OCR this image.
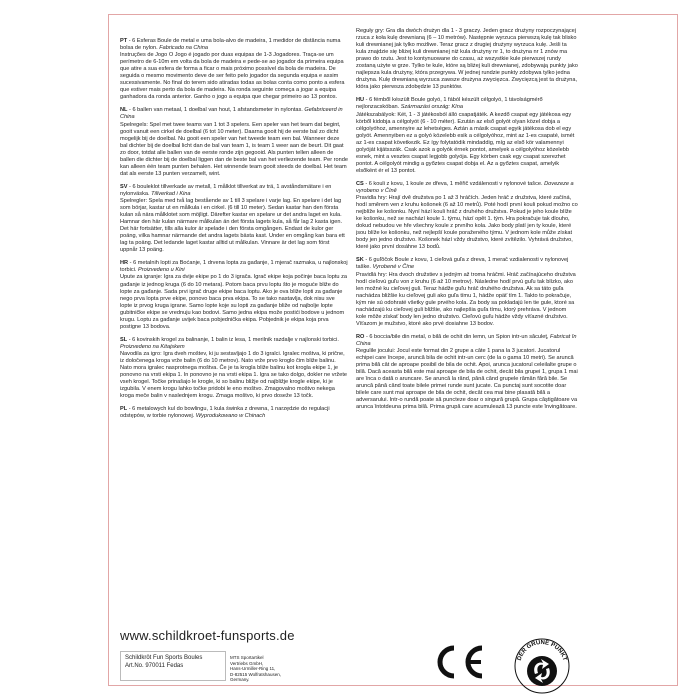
PT - 6 Esferas Boule de metal e uma bola-alvo de madeira, 1 medidor de distância numa bolsa de nylon. Fabricado na China
Instruções de Jogo O Jogo é jogado por duas equipas de 1-3 Jogadores. Traça-se um perímetro de 6-10m em volta da bola de madeira e pede-se ao jogador da primeira equipa que atire a sua esfera de forma a ficar o mais próximo possível da bola de madeira. De seguida o mesmo movimento deve de ser feito pelo jogador da segunda equipa e assim sucessivamente. No final do terem sido atiradas todas as bolas conta como ponto a esfera que estiver mais perto da bola de madeira. Na ronda seguinte começa a jogar a equipa ganhadora da ronda anterior. Ganho o jogo a equipa que chegar primeiro ao 13 pontos.
NL - 6 ballen van metaal, 1 doelbal van hout, 1 afstandsmeter in nylontas. Gefabriceerd in China
Spelregels: Spel met twee teams van 1 tot 3 spelers. Een speler van het team dat begint, gooit vanuit een cirkel de doelbal (6 tot 10 meter). Daarna gooit hij de eerste bal zo dicht mogelijk bij de doelbal. Nu gooit een speler van het tweede team een bal. Wanneer deze bal dichter bij de doelbal licht dan de bal van team 1, is team 1 weer aan de beurt. Dit gaat zo door, totdat alle ballen van de eerste ronde zijn gegooid. Als punten tellen alleen de ballen die dichter bij de doelbal liggen dan de beste bal van het verliezende team. Per ronde kan alleen één team punten behalen. Het winnende team gooit steeds de doelbal. Het team dat als eerste 13 punten verzamelt, wint.
SV - 6 bouleklot tillverkade av metall, 1 målklot tillverkat av trä, 1 avståndsmätare i en nylonväska. Tillverkad i Kina
Spelregler: Spela med två lag bestående av 1 till 3 spelare i varje lag. En spelare i det lag som börjar, kastar ut en målkula i en cirkel. (6 till 10 meter). Sedan kastar han den första kulan så nära målklotet som möjligt. Därefter kastar en spelare ur det andra laget en kula. Hamnar den här kulan närmare målkulan än det första lagets kula, så får lag 2 kasta igen. Det här fortsätter, tills alla kulor är spelade i den första omgången. Endast de kulor ger poäng, vilka hamnar närmande det andra lagets bästa kast. Under en omgång kan bara ett lag ta poäng. Det ledande laget kastar alltid ut målkulan. Vinnare är det lag som först uppnår 13 poäng.
HR - 6 metalnih lopti za Boćanje, 1 drvena lopta za gađanje, 1 mjerač razmaka, u najlonskoj torbici. Proizvedeno u Kini
Upute za igranje: Igra za dvije ekipe po 1 do 3 igrača. Igrač ekipe koja počinje baca loptu za gađanje iz jednog kruga (6 do 10 metara). Potom baca prvu loptu što je moguće bliže do lopte za gađanje. Sada prvi igrač druge ekipe baca loptu. Ako je ova bliže lopti za gađanje nego prva lopta prve ekipe, ponovo baca prva ekipa. To se tako nastavlja, dok nisu sve lopte iz prvog kruga igrane. Samo lopte koje su lopti za gađanje bliže od najbolje lopte gubitničke ekipe se vrednuju kao bodovi. Samo jedna ekipa može postići bodove u jednom krugu. Loptu za gađanje uvijek baca pobjednička ekipa. Pobjednik je ekipa koja prva postigne 13 bodova.
SL - 6 kovinskih krogel za balinanje, 1 balin iz lesa, 1 merilnik razdalje v najlonski torbici. Proizvedeno na Kitajskem
Navodila za igro: Igra dveh moštev, ki ju sestavljajo 1 do 3 igralci. Igralec moštva, ki prične, iz določenega kroga vrže balin (6 do 10 metrov). Nato vrže prvo kroglo čim bliže balinu. Nato mora igralec nasprotnega moštva. Če je ta krogla bliže balinu kot krogla ekipe 1, je ponovno na vrsti ekipa 1. In ponovno je na vrsti ekipa 1. Igra se tako dolgo, dokler ne vržete vseh krogel. Točke prinašajo le krogle, ki so balinu bližje od najbližje krogle ekipe, ki je izgubila. V enem krogu lahko točke pridobi le eno moštvo. Zmagovalno moštvo nekega kroga meče balin v naslednjem krogu. Zmaga moštvo, ki prvo doseže 13 točk.
PL - 6 metalowych kul do bowlingu, 1 kula świnka z drewna, 1 narzędzie do regulacji odstępów, w torbie nylonowej. Wyprodukowano w Chinach
Reguły gry: Gra dla dwóch drużyn dla 1 - 3 graczy. Jeden gracz drużyny rozpoczynającej rzuca z koła kulę drewnianą (6 – 10 metrów). Następnie wyrzuca pierwszą kulę tak blisko kuli drewnianej jak tylko możliwe. Teraz gracz z drugiej drużyny wyrzuca kulę. Jeśli ta kula znajdzie się bliżej kuli drewnianej niż kula drużyny nr 1, to drużyna nr 1 znów ma prawo do rzutu. Jest to kontynuowane do czasu, aż wszystkie kule pierwszej rundy zostaną użyte w grze. Tylko te kule, które są bliżej kuli drewnianej, zdobywają punkty jako najlepsza kula drużyny, która przegrywa. W jednej rundzie punkty zdobywa tylko jedna drużyna. Kulę drewnianą wyrzuca zawsze drużyna zwycięzca. Zwycięzcą jest ta drużyna, która jako pierwsza zdobędzie 13 punktów.
HU - 6 fémből készült Boule golyó, 1 fából készült célgolyó, 1 távolságmérő nejlonzacskóban. Származási ország: Kína
Játékszabályok: Két, 1 - 3 játékosból álló csapatjáték. A kezdő csapat egy játékosa egy körből kidobja a célgolyót (6 - 10 méter). Ezután az első golyót olyan közel dobja a célgolyóhoz, amennyire az lehetséges. Aztán a másik csapat egyik játékosa dob el egy golyót. Amennyiben ez a golyó közelebb esik a célgolyóhoz, mint az 1-es csapaté, ismét az 1-es csapat következik. Ez így folytatódik mindaddig, míg az első kör valamennyi golyóját kijátsszák. Csak azok a golyók érnek pontot, amelyek a célgolyóhoz közelebb esnek, mint a vesztes csapat legjobb golyója. Egy körben csak egy csapat szerezhet pontot. A célgolyót mindig a győztes csapat dobja el. Az a győztes csapat, amelyik elsőként ér el 13 pontot.
CS - 6 kouli z kovu, 1 koule ze dřeva, 1 měřič vzdálenosti v nylonové tašce. Dovezeze a vyrobeno v Číně
Pravidla hry: Hrají dvě družstva po 1 až 3 hráčích. Jeden hráč z družstva, které začíná, hodí směrem ven z kruhu košonek (6 až 10 metrů). Poté hodí první kouli pokud možno co nejblíže ke košonku. Nyní hází kouli hráč z druhého družstva. Pokud je jeho koule blíže ke košonku, než se nachází koule 1. týmu, hází opět 1. tým. Hra pokračuje tak dlouho, dokud nebudou ve hře všechny koule z prvního kola. Jako body platí jen ty koule, které jsou blíže ke košonku, než nejlepší koule poraženého týmu. V jednom kole může získat body jen jedno družstvo. Košonek hází vždy družstvo, které zvítězilo. Vyhrává družstvo, které jako první dosáhne 13 bodů.
SK - 6 guľôčok Boule z kovu, 1 cieľová guľa z dreva, 1 merač vzdialenosti v nylonovej taške. Vyrobené v Číne
Pravidlá hry: Hra dvoch družstiev s jedným až troma hráčmi. Hráč začínajúceho družstva hodí cieľovú guľu von z kruhu (6 až 10 metrov). Následne hodí prvú guľu tak blízko, ako len možné ku cieľovej guli. Teraz hádže guľu hráč druhého družstva. Ak sa táto guľa nachádza bližšie ku cieľovej guli ako guľa tímu 1, hádže opäť tím 1. Takto to pokračuje, kým nie sú odohraté všetky gule prvého kola. Za body sa pokladajú len tie gule, ktoré sa nachádzajú ku cieľovej guli bližšie, ako najlepšia guľa tímu, ktorý prehráva. V jednom kole môže získať body len jedno družstvo. Cieľovú guľu hádže vždy víťazné družstvo. Víťazom je mužstvo, ktoré ako prvé dosiahne 13 bodov.
RO - 6 boccia/bile din metal, o bilă de ochit din lemn, un Spion intr-un săculeţ, Fabricat în China
Regulile jocului: Jocul este format din 2 grupe a câte 1 pana la 3 jucatori. Jucatorul echipei care începe, aruncă bila de ochit intr-un cerc (de la o gama 10 metri). Se aruncă prima bilă cât de aproape posibil de bila de ochit. Apoi, arunca jucatorul celeilalte grupe o bilă. Dacă aceasta bilă este mai aproape de bila de ochit, decât bila grupei 1, grupa 1 mai are înca o dată o aruncare. Se aruncă la rând, până când grupele rămân fără bile. Se aruncă până când toate bilele primei runde sunt jucate. Ca punctaj sunt socotite doar bilele care sunt mai aproape de bila de ochit, decât cea mai bine plasată bilă a adversarului. Intr-o rundă poate să puncteze doar o singură grupă. Grupa câştigătoare va arunca întotdeuna prima bilă. Prima grupă care acumulează 13 puncte este învingătoare.
www.schildkroet-funsports.de
Schildkröt Fun Sports Boules
Art.No. 970011 Fedas
MTS Sportartikel
Vertriebs GmbH,
Hans-Urmiller-Ring 11,
D-82515 Wolfratshausen,
Germany.
DER GRÜNE PUNKT
